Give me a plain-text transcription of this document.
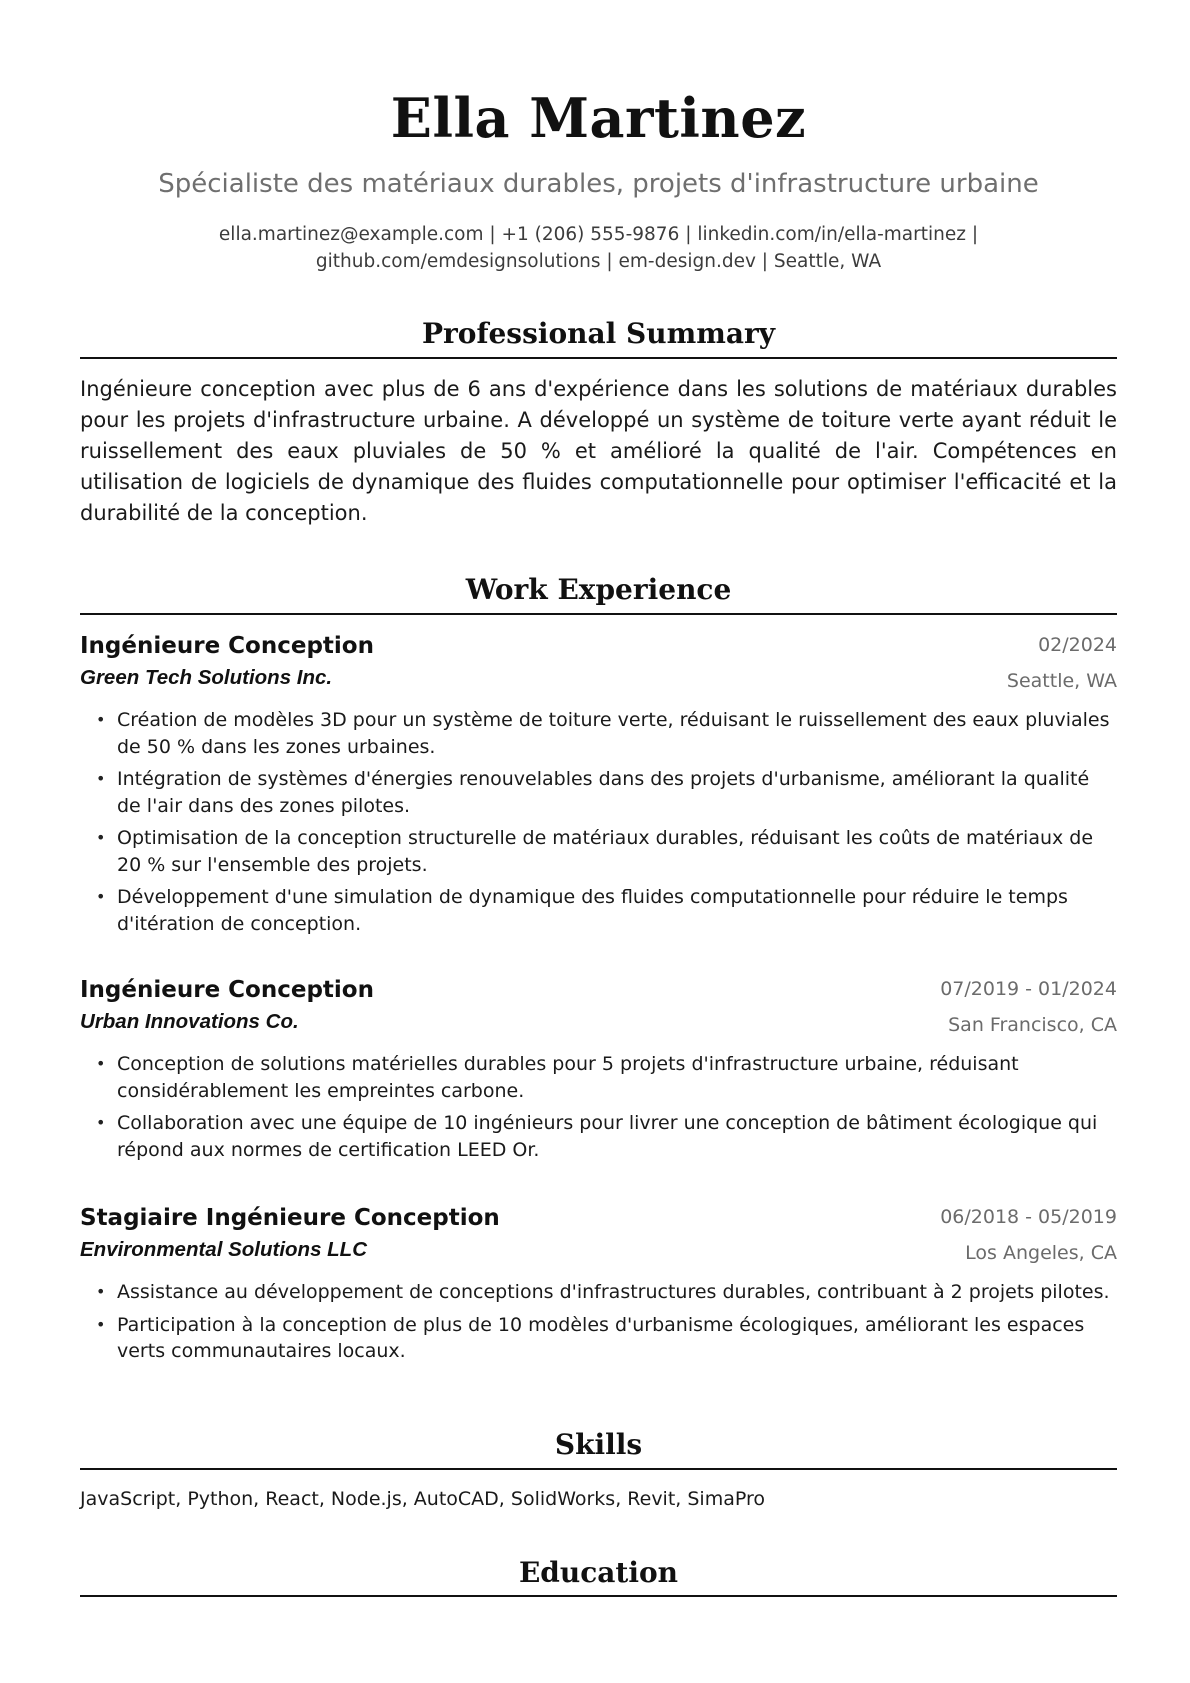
Ella Martinez
Spécialiste des matériaux durables, projets d'infrastructure urbaine
ella.martinez@example.com | +1 (206) 555-9876 | linkedin.com/in/ella-martinez |
github.com/emdesignsolutions | em-design.dev | Seattle, WA
Professional Summary
Ingénieure conception avec plus de 6 ans d'expérience dans les solutions de matériaux durables pour les projets d'infrastructure urbaine. A développé un système de toiture verte ayant réduit le ruissellement des eaux pluviales de 50 % et amélioré la qualité de l'air. Compétences en utilisation de logiciels de dynamique des fluides computationnelle pour optimiser l'efficacité et la durabilité de la conception.
Work Experience
Ingénieure Conception	02/2024
Green Tech Solutions Inc.	Seattle, WA
• Création de modèles 3D pour un système de toiture verte, réduisant le ruissellement des eaux pluviales de 50 % dans les zones urbaines.
• Intégration de systèmes d'énergies renouvelables dans des projets d'urbanisme, améliorant la qualité de l'air dans des zones pilotes.
• Optimisation de la conception structurelle de matériaux durables, réduisant les coûts de matériaux de 20 % sur l'ensemble des projets.
• Développement d'une simulation de dynamique des fluides computationnelle pour réduire le temps d'itération de conception.
Ingénieure Conception	07/2019 - 01/2024
Urban Innovations Co.	San Francisco, CA
• Conception de solutions matérielles durables pour 5 projets d'infrastructure urbaine, réduisant considérablement les empreintes carbone.
• Collaboration avec une équipe de 10 ingénieurs pour livrer une conception de bâtiment écologique qui répond aux normes de certification LEED Or.
Stagiaire Ingénieure Conception	06/2018 - 05/2019
Environmental Solutions LLC	Los Angeles, CA
• Assistance au développement de conceptions d'infrastructures durables, contribuant à 2 projets pilotes.
• Participation à la conception de plus de 10 modèles d'urbanisme écologiques, améliorant les espaces verts communautaires locaux.
Skills
JavaScript, Python, React, Node.js, AutoCAD, SolidWorks, Revit, SimaPro
Education
